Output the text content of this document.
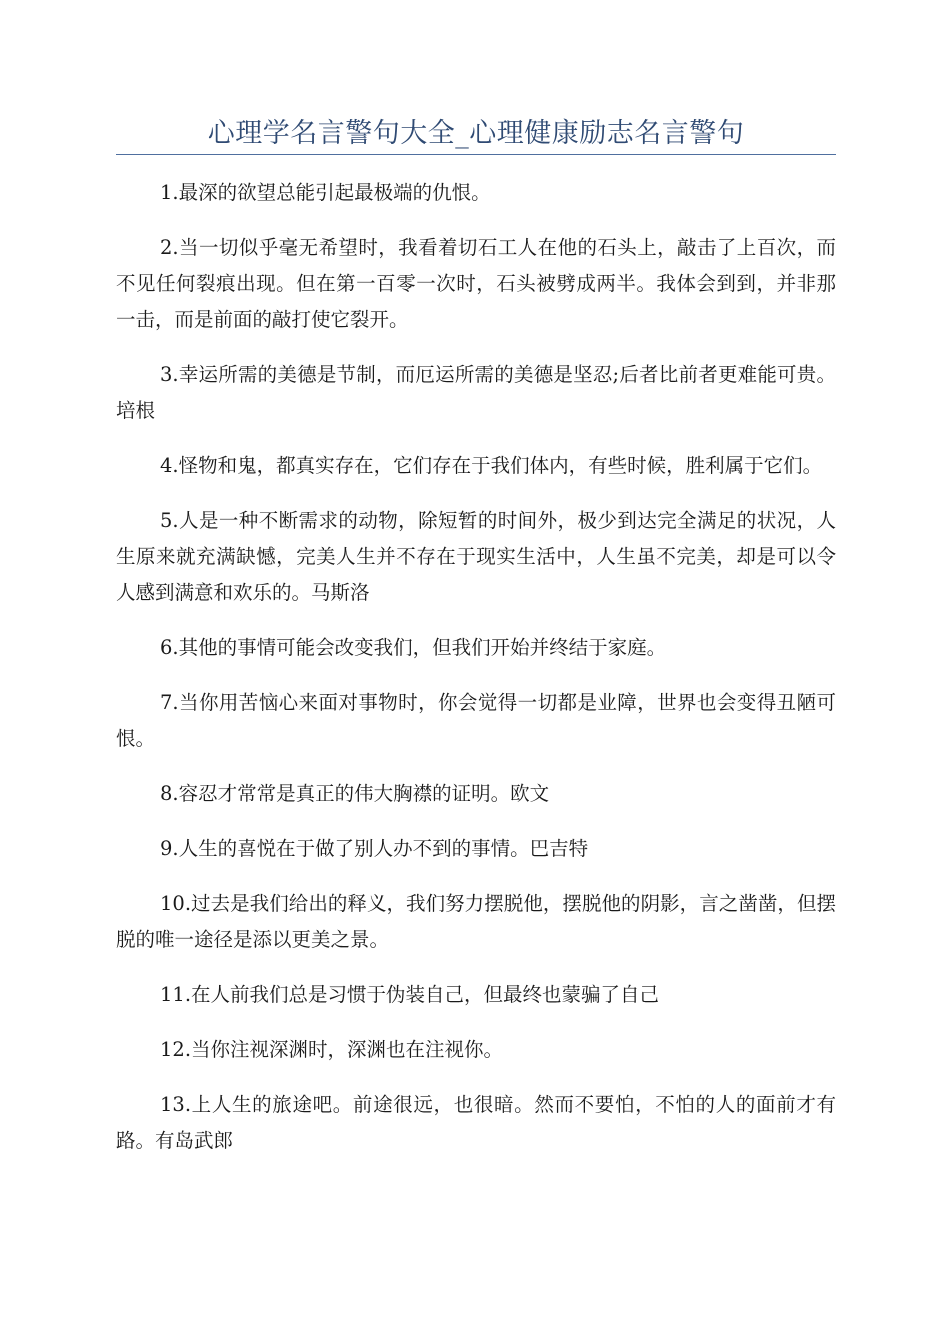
心理学名言警句大全_心理健康励志名言警句

1.最深的欲望总能引起最极端的仇恨。

2.当一切似乎毫无希望时，我看着切石工人在他的石头上，敲击了上百次，而不见任何裂痕出现。但在第一百零一次时，石头被劈成两半。我体会到到，并非那一击，而是前面的敲打使它裂开。

3.幸运所需的美德是节制，而厄运所需的美德是坚忍;后者比前者更难能可贵。培根

4.怪物和鬼，都真实存在，它们存在于我们体内，有些时候，胜利属于它们。

5.人是一种不断需求的动物，除短暂的时间外，极少到达完全满足的状况，人生原来就充满缺憾，完美人生并不存在于现实生活中，人生虽不完美，却是可以令人感到满意和欢乐的。马斯洛

6.其他的事情可能会改变我们，但我们开始并终结于家庭。

7.当你用苦恼心来面对事物时，你会觉得一切都是业障，世界也会变得丑陋可恨。

8.容忍才常常是真正的伟大胸襟的证明。欧文

9.人生的喜悦在于做了别人办不到的事情。巴吉特

10.过去是我们给出的释义，我们努力摆脱他，摆脱他的阴影，言之凿凿，但摆脱的唯一途径是添以更美之景。

11.在人前我们总是习惯于伪装自己，但最终也蒙骗了自己

12.当你注视深渊时，深渊也在注视你。

13.上人生的旅途吧。前途很远，也很暗。然而不要怕，不怕的人的面前才有路。有岛武郎
